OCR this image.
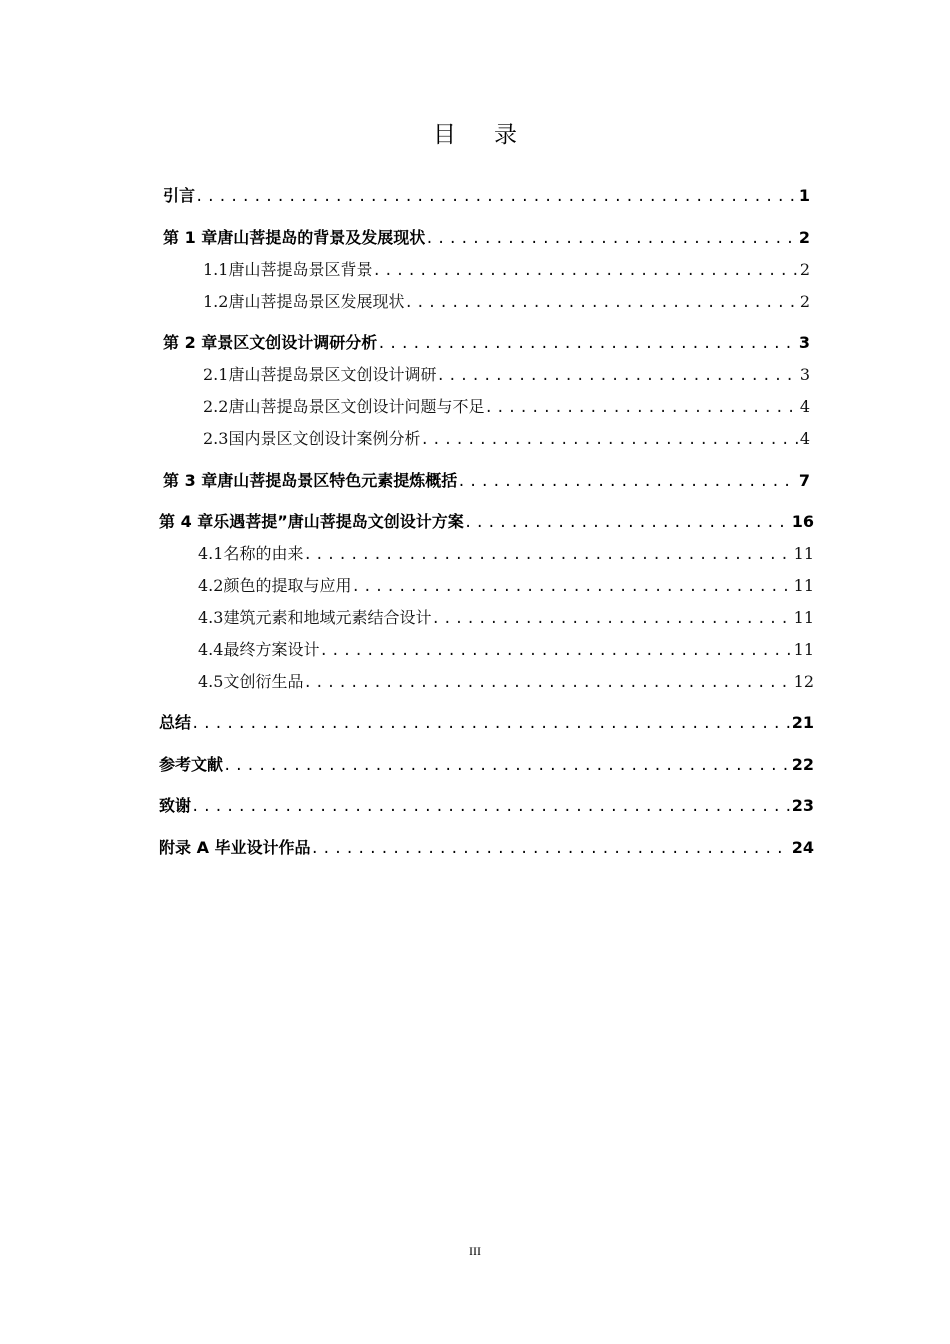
目录
引言 .....	1
第 1 章 唐山菩提岛的背景及发展现状 .....	2
1.1 唐山菩提岛景区背景 .....	2
1.2 唐山菩提岛景区发展现状 .....	2
第 2 章 景区文创设计调研分析 .....	3
2.1 唐山菩提岛景区文创设计调研 .....	3
2.2 唐山菩提岛景区文创设计问题与不足 .....	4
2.3 国内景区文创设计案例分析 .....	4
第 3 章 唐山菩提岛景区特色元素提炼概括 .....	7
第 4 章 乐遇菩提”唐山菩提岛文创设计方案 .....	16
4.1 名称的由来 .....	11
4.2 颜色的提取与应用 .....	11
4.3 建筑元素和地域元素结合设计 .....	11
4.4 最终方案设计 .....	11
4.5 文创衍生品 .....	12
总结 .....	21
参考文献 .....	22
致谢 .....	23
附录 A 毕业设计作品 .....	24
III
